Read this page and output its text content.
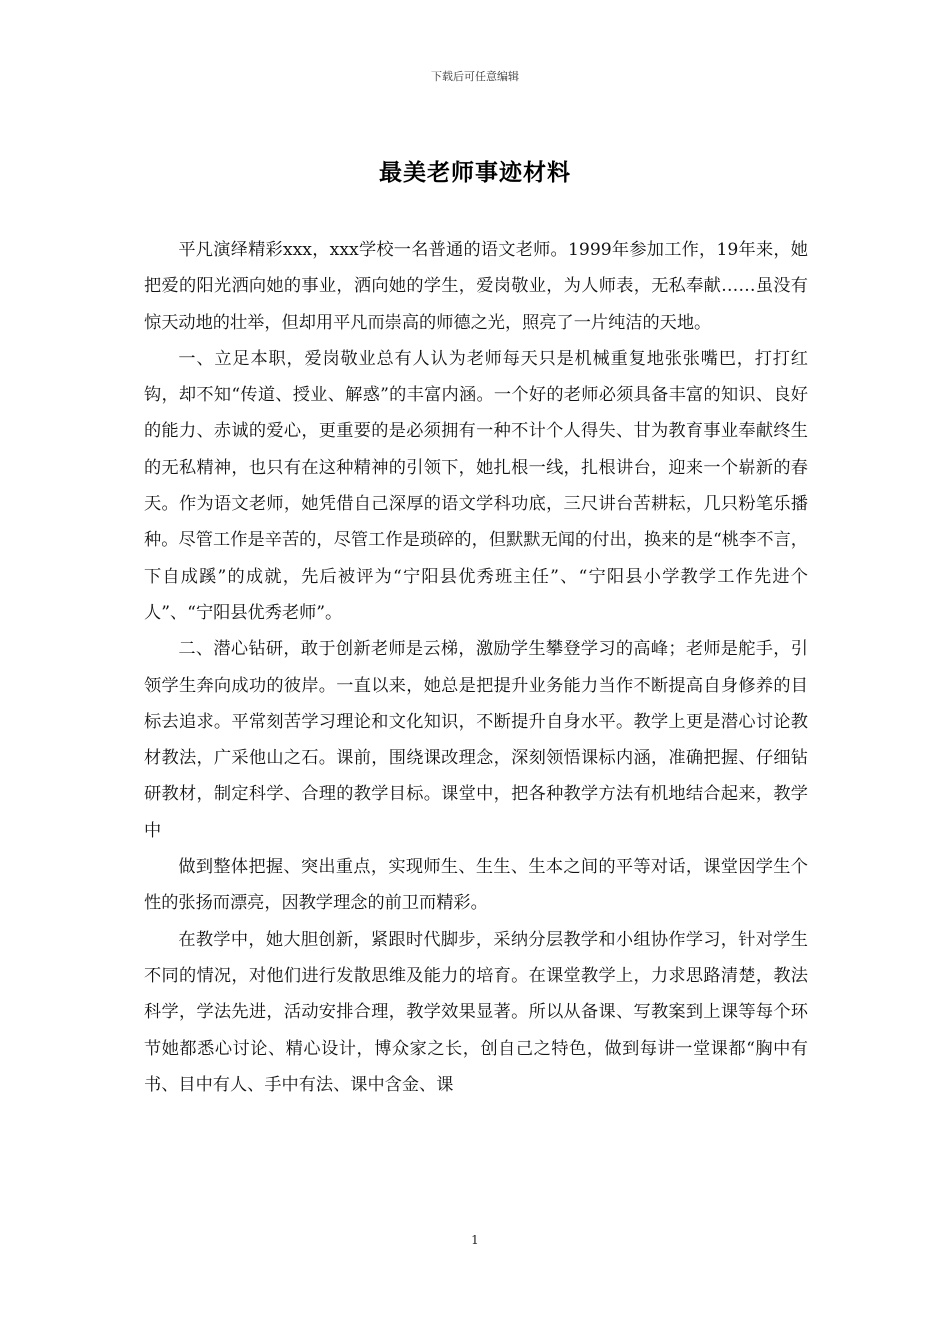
下载后可任意编辑
最美老师事迹材料

平凡演绎精彩xxx，xxx学校一名普通的语文老师。1999年参加工作，19年来，她把爱的阳光洒向她的事业，洒向她的学生，爱岗敬业，为人师表，无私奉献……虽没有惊天动地的壮举，但却用平凡而崇高的师德之光，照亮了一片纯洁的天地。

一、立足本职，爱岗敬业总有人认为老师每天只是机械重复地张张嘴巴，打打红钩，却不知“传道、授业、解惑”的丰富内涵。一个好的老师必须具备丰富的知识、良好的能力、赤诚的爱心，更重要的是必须拥有一种不计个人得失、甘为教育事业奉献终生的无私精神，也只有在这种精神的引领下，她扎根一线，扎根讲台，迎来一个崭新的春天。作为语文老师，她凭借自己深厚的语文学科功底，三尺讲台苦耕耘，几只粉笔乐播种。尽管工作是辛苦的，尽管工作是琐碎的，但默默无闻的付出，换来的是“桃李不言，下自成蹊”的成就，先后被评为“宁阳县优秀班主任”、“宁阳县小学教学工作先进个人”、“宁阳县优秀老师”。

二、潜心钻研，敢于创新老师是云梯，激励学生攀登学习的高峰；老师是舵手，引领学生奔向成功的彼岸。一直以来，她总是把提升业务能力当作不断提高自身修养的目标去追求。平常刻苦学习理论和文化知识，不断提升自身水平。教学上更是潜心讨论教材教法，广采他山之石。课前，围绕课改理念，深刻领悟课标内涵，准确把握、仔细钻研教材，制定科学、合理的教学目标。课堂中，把各种教学方法有机地结合起来，教学中

做到整体把握、突出重点，实现师生、生生、生本之间的平等对话，课堂因学生个性的张扬而漂亮，因教学理念的前卫而精彩。

在教学中，她大胆创新，紧跟时代脚步，采纳分层教学和小组协作学习，针对学生不同的情况，对他们进行发散思维及能力的培育。在课堂教学上，力求思路清楚，教法科学，学法先进，活动安排合理，教学效果显著。所以从备课、写教案到上课等每个环节她都悉心讨论、精心设计，博众家之长，创自己之特色，做到每讲一堂课都“胸中有书、目中有人、手中有法、课中含金、课

1
